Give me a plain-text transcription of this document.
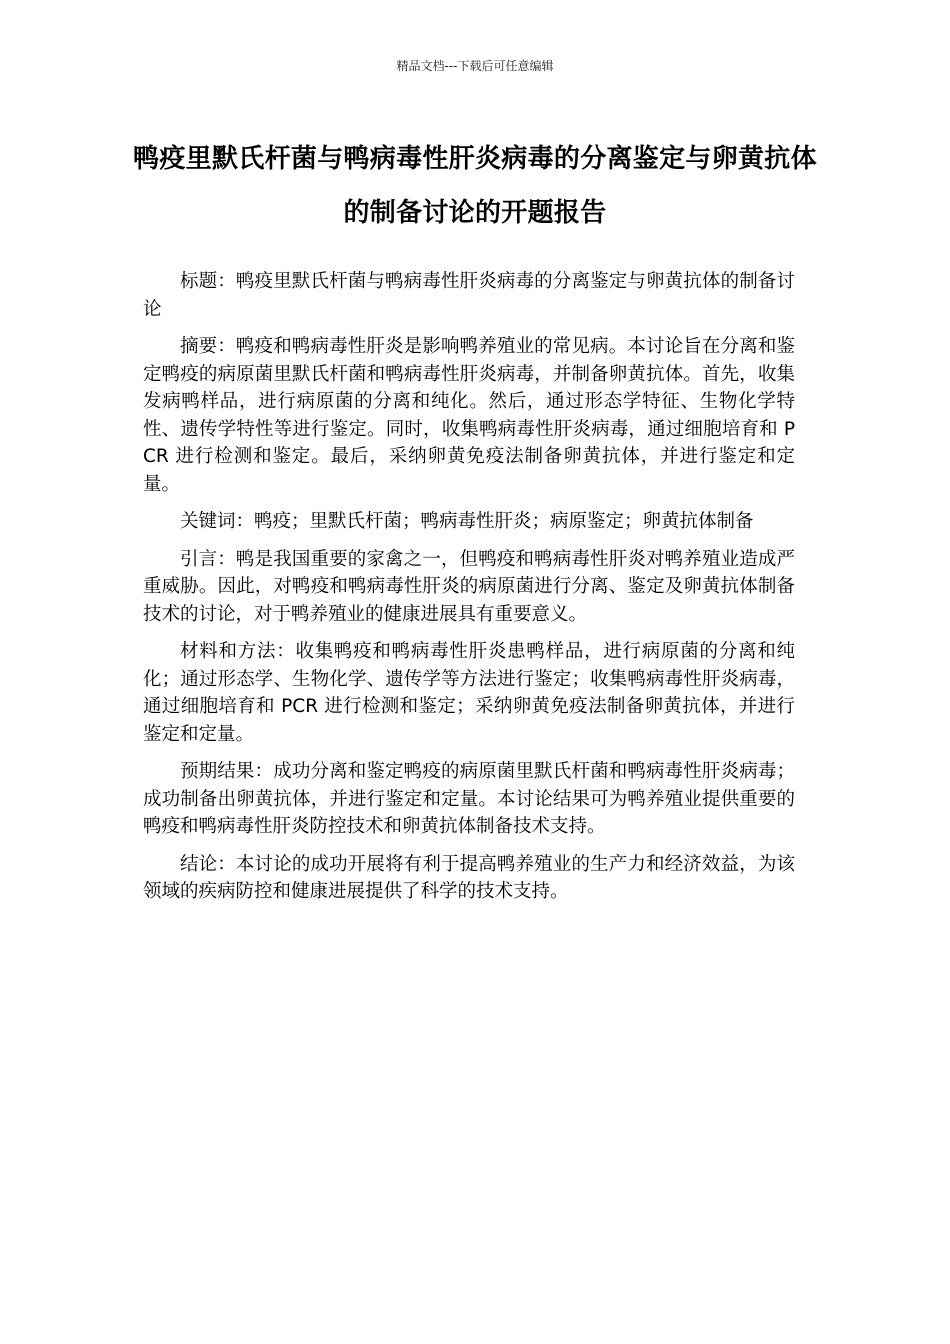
精品文档---下载后可任意编辑
鸭疫里默氏杆菌与鸭病毒性肝炎病毒的分离鉴定与卵黄抗体的制备讨论的开题报告

标题：鸭疫里默氏杆菌与鸭病毒性肝炎病毒的分离鉴定与卵黄抗体的制备讨论

摘要：鸭疫和鸭病毒性肝炎是影响鸭养殖业的常见病。本讨论旨在分离和鉴定鸭疫的病原菌里默氏杆菌和鸭病毒性肝炎病毒，并制备卵黄抗体。首先，收集发病鸭样品，进行病原菌的分离和纯化。然后，通过形态学特征、生物化学特性、遗传学特性等进行鉴定。同时，收集鸭病毒性肝炎病毒，通过细胞培育和 PCR 进行检测和鉴定。最后，采纳卵黄免疫法制备卵黄抗体，并进行鉴定和定量。

关键词：鸭疫；里默氏杆菌；鸭病毒性肝炎；病原鉴定；卵黄抗体制备

引言：鸭是我国重要的家禽之一，但鸭疫和鸭病毒性肝炎对鸭养殖业造成严重威胁。因此，对鸭疫和鸭病毒性肝炎的病原菌进行分离、鉴定及卵黄抗体制备技术的讨论，对于鸭养殖业的健康进展具有重要意义。

材料和方法：收集鸭疫和鸭病毒性肝炎患鸭样品，进行病原菌的分离和纯化；通过形态学、生物化学、遗传学等方法进行鉴定；收集鸭病毒性肝炎病毒，通过细胞培育和 PCR 进行检测和鉴定；采纳卵黄免疫法制备卵黄抗体，并进行鉴定和定量。

预期结果：成功分离和鉴定鸭疫的病原菌里默氏杆菌和鸭病毒性肝炎病毒；成功制备出卵黄抗体，并进行鉴定和定量。本讨论结果可为鸭养殖业提供重要的鸭疫和鸭病毒性肝炎防控技术和卵黄抗体制备技术支持。

结论：本讨论的成功开展将有利于提高鸭养殖业的生产力和经济效益，为该领域的疾病防控和健康进展提供了科学的技术支持。
